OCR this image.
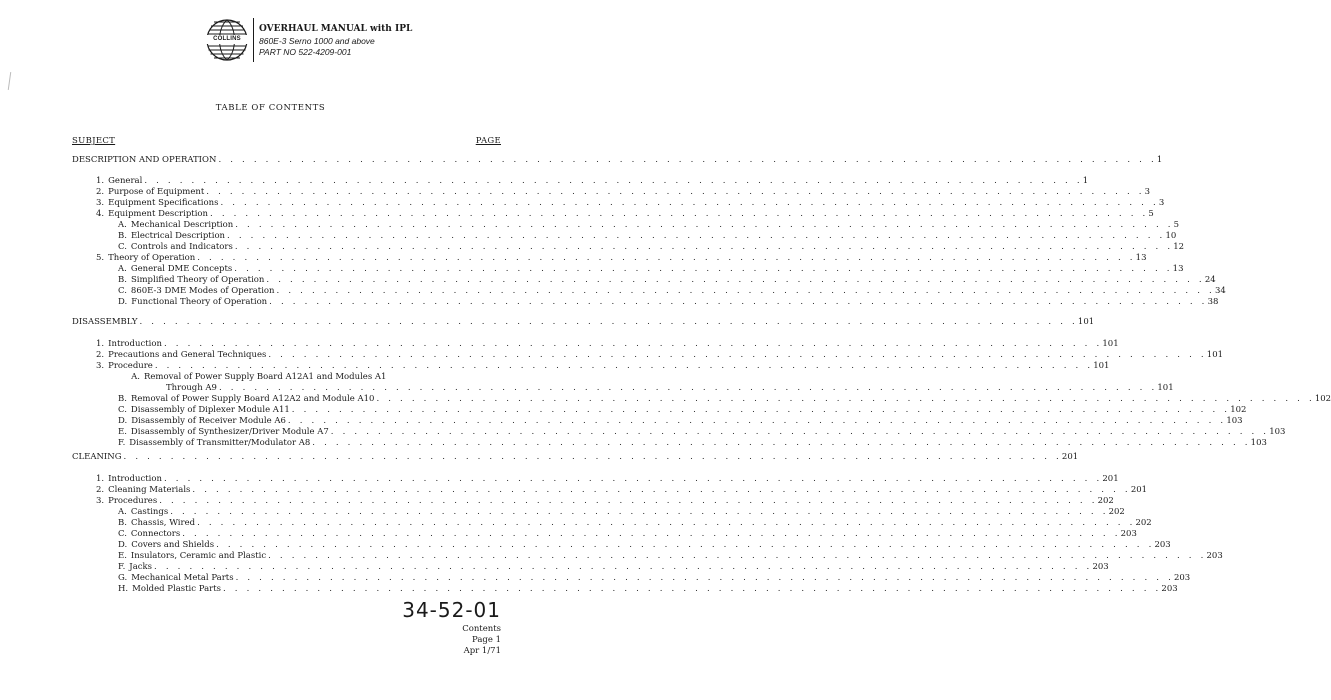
COLLINS
OVERHAUL MANUAL with IPL
860E-3 Serno 1000 and above
PART NO 522-4209-001
TABLE OF CONTENTS
SUBJECT	PAGE
DESCRIPTION AND OPERATION . . . . . . . . . . . . . . . . . . . . . . . . . . . . . . . . . . . . . . . . . . . . . . . . . . . . . . . . . . . . . . . . . . . . . . . . . . . . . . . . 1
1. General . . . . . . . . . . . . . . . . . . . . . . . . . . . . . . . . . . . . . . . . . . . . . . . . . . . . . . . . . . . . . . . . . . . . . . . . . . . . . . . . 1
2. Purpose of Equipment . . . . . . . . . . . . . . . . . . . . . . . . . . . . . . . . . . . . . . . . . . . . . . . . . . . . . . . . . . . . . . . . . . . . . . . . . . . . . . . . 3
3. Equipment Specifications . . . . . . . . . . . . . . . . . . . . . . . . . . . . . . . . . . . . . . . . . . . . . . . . . . . . . . . . . . . . . . . . . . . . . . . . . . . . . . . . 3
4. Equipment Description . . . . . . . . . . . . . . . . . . . . . . . . . . . . . . . . . . . . . . . . . . . . . . . . . . . . . . . . . . . . . . . . . . . . . . . . . . . . . . . . 5
A. Mechanical Description . . . . . . . . . . . . . . . . . . . . . . . . . . . . . . . . . . . . . . . . . . . . . . . . . . . . . . . . . . . . . . . . . . . . . . . . . . . . . . . . 5
B. Electrical Description . . . . . . . . . . . . . . . . . . . . . . . . . . . . . . . . . . . . . . . . . . . . . . . . . . . . . . . . . . . . . . . . . . . . . . . . . . . . . . . . 10
C. Controls and Indicators . . . . . . . . . . . . . . . . . . . . . . . . . . . . . . . . . . . . . . . . . . . . . . . . . . . . . . . . . . . . . . . . . . . . . . . . . . . . . . . . 12
5. Theory of Operation . . . . . . . . . . . . . . . . . . . . . . . . . . . . . . . . . . . . . . . . . . . . . . . . . . . . . . . . . . . . . . . . . . . . . . . . . . . . . . . . 13
A. General DME Concepts . . . . . . . . . . . . . . . . . . . . . . . . . . . . . . . . . . . . . . . . . . . . . . . . . . . . . . . . . . . . . . . . . . . . . . . . . . . . . . . . 13
B. Simplified Theory of Operation . . . . . . . . . . . . . . . . . . . . . . . . . . . . . . . . . . . . . . . . . . . . . . . . . . . . . . . . . . . . . . . . . . . . . . . . . . . . . . . . 24
C. 860E-3 DME Modes of Operation . . . . . . . . . . . . . . . . . . . . . . . . . . . . . . . . . . . . . . . . . . . . . . . . . . . . . . . . . . . . . . . . . . . . . . . . . . . . . . . . 34
D. Functional Theory of Operation . . . . . . . . . . . . . . . . . . . . . . . . . . . . . . . . . . . . . . . . . . . . . . . . . . . . . . . . . . . . . . . . . . . . . . . . . . . . . . . . 38
DISASSEMBLY . . . . . . . . . . . . . . . . . . . . . . . . . . . . . . . . . . . . . . . . . . . . . . . . . . . . . . . . . . . . . . . . . . . . . . . . . . . . . . . . 101
1. Introduction . . . . . . . . . . . . . . . . . . . . . . . . . . . . . . . . . . . . . . . . . . . . . . . . . . . . . . . . . . . . . . . . . . . . . . . . . . . . . . . . 101
2. Precautions and General Techniques . . . . . . . . . . . . . . . . . . . . . . . . . . . . . . . . . . . . . . . . . . . . . . . . . . . . . . . . . . . . . . . . . . . . . . . . . . . . . . . . 101
3. Procedure . . . . . . . . . . . . . . . . . . . . . . . . . . . . . . . . . . . . . . . . . . . . . . . . . . . . . . . . . . . . . . . . . . . . . . . . . . . . . . . . 101
A. Removal of Power Supply Board A12A1 and Modules A1
Through A9 . . . . . . . . . . . . . . . . . . . . . . . . . . . . . . . . . . . . . . . . . . . . . . . . . . . . . . . . . . . . . . . . . . . . . . . . . . . . . . . . 101
B. Removal of Power Supply Board A12A2 and Module A10 . . . . . . . . . . . . . . . . . . . . . . . . . . . . . . . . . . . . . . . . . . . . . . . . . . . . . . . . . . . . . . . . . . . . . . . . . . . . . . . . 102
C. Disassembly of Diplexer Module A11 . . . . . . . . . . . . . . . . . . . . . . . . . . . . . . . . . . . . . . . . . . . . . . . . . . . . . . . . . . . . . . . . . . . . . . . . . . . . . . . . 102
D. Disassembly of Receiver Module A6 . . . . . . . . . . . . . . . . . . . . . . . . . . . . . . . . . . . . . . . . . . . . . . . . . . . . . . . . . . . . . . . . . . . . . . . . . . . . . . . . 103
E. Disassembly of Synthesizer/Driver Module A7 . . . . . . . . . . . . . . . . . . . . . . . . . . . . . . . . . . . . . . . . . . . . . . . . . . . . . . . . . . . . . . . . . . . . . . . . . . . . . . . . 103
F. Disassembly of Transmitter/Modulator A8 . . . . . . . . . . . . . . . . . . . . . . . . . . . . . . . . . . . . . . . . . . . . . . . . . . . . . . . . . . . . . . . . . . . . . . . . . . . . . . . . 103
CLEANING . . . . . . . . . . . . . . . . . . . . . . . . . . . . . . . . . . . . . . . . . . . . . . . . . . . . . . . . . . . . . . . . . . . . . . . . . . . . . . . . 201
1. Introduction . . . . . . . . . . . . . . . . . . . . . . . . . . . . . . . . . . . . . . . . . . . . . . . . . . . . . . . . . . . . . . . . . . . . . . . . . . . . . . . . 201
2. Cleaning Materials . . . . . . . . . . . . . . . . . . . . . . . . . . . . . . . . . . . . . . . . . . . . . . . . . . . . . . . . . . . . . . . . . . . . . . . . . . . . . . . . 201
3. Procedures . . . . . . . . . . . . . . . . . . . . . . . . . . . . . . . . . . . . . . . . . . . . . . . . . . . . . . . . . . . . . . . . . . . . . . . . . . . . . . . . 202
A. Castings . . . . . . . . . . . . . . . . . . . . . . . . . . . . . . . . . . . . . . . . . . . . . . . . . . . . . . . . . . . . . . . . . . . . . . . . . . . . . . . . 202
B. Chassis, Wired . . . . . . . . . . . . . . . . . . . . . . . . . . . . . . . . . . . . . . . . . . . . . . . . . . . . . . . . . . . . . . . . . . . . . . . . . . . . . . . . 202
C. Connectors . . . . . . . . . . . . . . . . . . . . . . . . . . . . . . . . . . . . . . . . . . . . . . . . . . . . . . . . . . . . . . . . . . . . . . . . . . . . . . . . 203
D. Covers and Shields . . . . . . . . . . . . . . . . . . . . . . . . . . . . . . . . . . . . . . . . . . . . . . . . . . . . . . . . . . . . . . . . . . . . . . . . . . . . . . . . 203
E. Insulators, Ceramic and Plastic . . . . . . . . . . . . . . . . . . . . . . . . . . . . . . . . . . . . . . . . . . . . . . . . . . . . . . . . . . . . . . . . . . . . . . . . . . . . . . . . 203
F. Jacks . . . . . . . . . . . . . . . . . . . . . . . . . . . . . . . . . . . . . . . . . . . . . . . . . . . . . . . . . . . . . . . . . . . . . . . . . . . . . . . . 203
G. Mechanical Metal Parts . . . . . . . . . . . . . . . . . . . . . . . . . . . . . . . . . . . . . . . . . . . . . . . . . . . . . . . . . . . . . . . . . . . . . . . . . . . . . . . . 203
H. Molded Plastic Parts . . . . . . . . . . . . . . . . . . . . . . . . . . . . . . . . . . . . . . . . . . . . . . . . . . . . . . . . . . . . . . . . . . . . . . . . . . . . . . . . 203
34-52-01
Contents
Page 1
Apr 1/71
